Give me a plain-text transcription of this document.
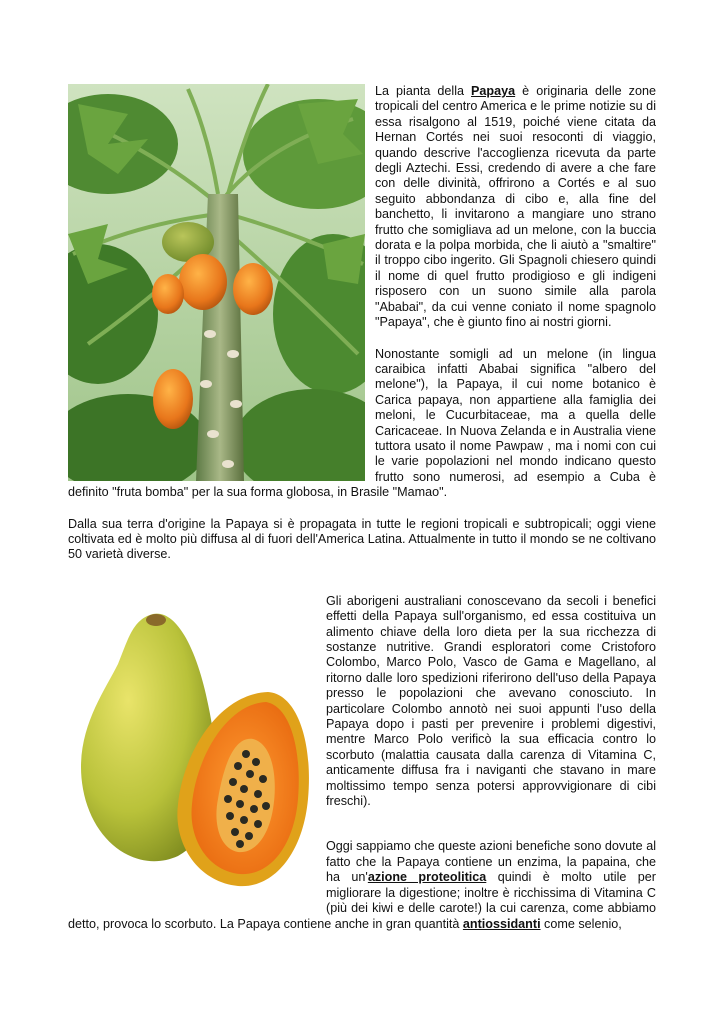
La pianta della Papaya è originaria delle zone tropicali del centro America e le prime notizie su di essa risalgono al 1519, poiché viene citata da Hernan Cortés nei suoi resoconti di viaggio, quando descrive l'accoglienza ricevuta da parte degli Aztechi. Essi, credendo di avere a che fare con delle divinità, offrirono a Cortés e al suo seguito abbondanza di cibo e, alla fine del banchetto, li invitarono a mangiare uno strano frutto che somigliava ad un melone, con la buccia dorata e la polpa morbida, che li aiutò a "smaltire" il troppo cibo ingerito. Gli Spagnoli chiesero quindi il nome di quel frutto prodigioso e gli indigeni risposero con un suono simile alla parola "Ababai", da cui venne coniato il nome spagnolo "Papaya", che è giunto fino ai nostri giorni.

Nonostante somigli ad un melone (in lingua caraibica infatti Ababai significa "albero del melone"), la Papaya, il cui nome botanico è Carica papaya, non appartiene alla famiglia dei meloni, le Cucurbitaceae, ma a quella delle Caricaceae. In Nuova Zelanda e in Australia viene tuttora usato il nome Pawpaw , ma i nomi con cui le varie popolazioni nel mondo indicano questo frutto sono numerosi, ad esempio a Cuba è definito "fruta bomba" per la sua forma globosa, in Brasile "Mamao".

Dalla sua terra d'origine la Papaya si è propagata in tutte le regioni tropicali e subtropicali; oggi viene coltivata ed è molto più diffusa al di fuori dell'America Latina. Attualmente in tutto il mondo se ne coltivano 50 varietà diverse.

Gli aborigeni australiani conoscevano da secoli i benefici effetti della Papaya sull'organismo, ed essa costituiva un alimento chiave della loro dieta per la sua ricchezza di sostanze nutritive. Grandi esploratori come Cristoforo Colombo, Marco Polo, Vasco de Gama e Magellano, al ritorno dalle loro spedizioni riferirono dell'uso della Papaya presso le popolazioni che avevano conosciuto. In particolare Colombo annotò nei suoi appunti l'uso della Papaya dopo i pasti per prevenire i problemi digestivi, mentre Marco Polo verificò la sua efficacia contro lo scorbuto (malattia causata dalla carenza di Vitamina C, anticamente diffusa fra i naviganti che stavano in mare moltissimo tempo senza potersi approvvigionare di cibi freschi).

Oggi sappiamo che queste azioni benefiche sono dovute al fatto che la Papaya contiene un enzima, la papaina, che ha un'azione proteolitica quindi è molto utile per migliorare la digestione; inoltre è ricchissima di Vitamina C (più dei kiwi e delle carote!) la cui carenza, come abbiamo detto, provoca lo scorbuto. La Papaya contiene anche in gran quantità antiossidanti come selenio,
